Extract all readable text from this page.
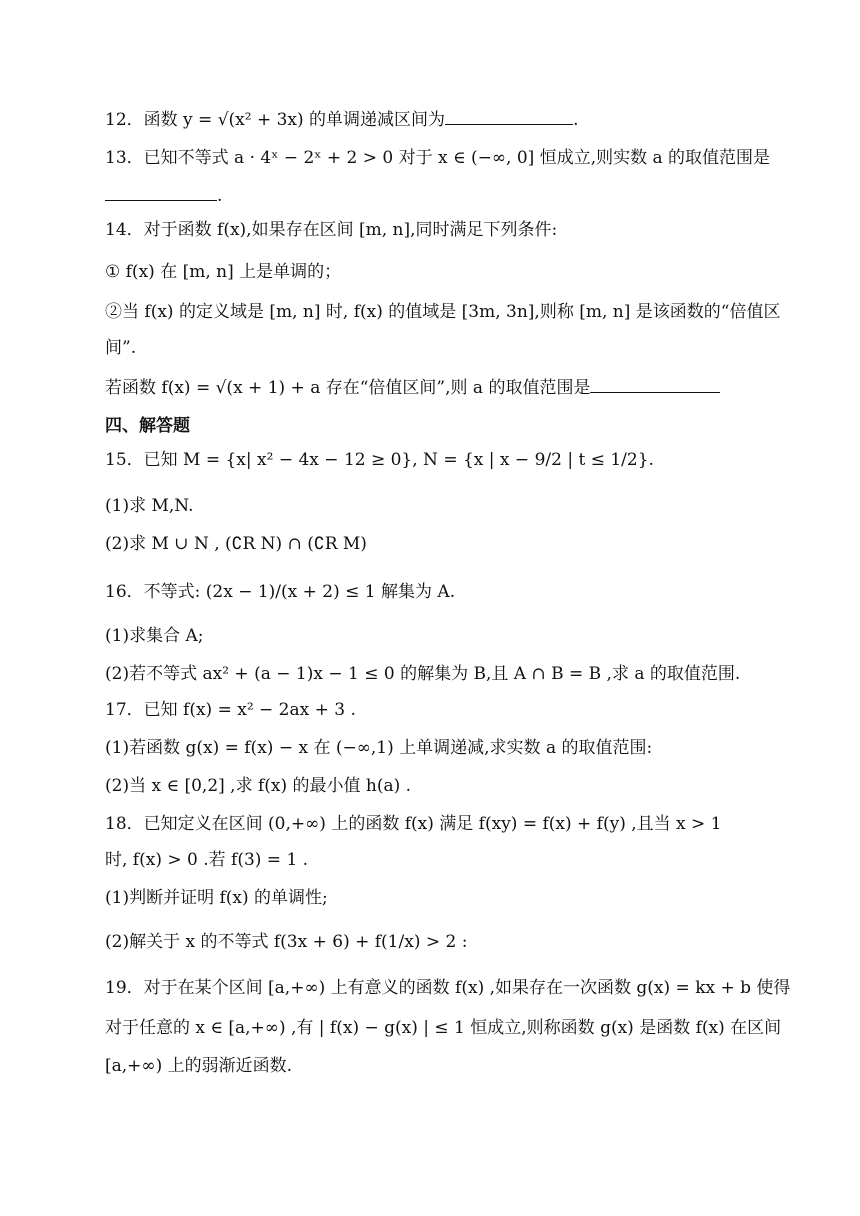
12．函数 y = √(x² + 3x) 的单调递减区间为	.
13．已知不等式 a · 4ˣ − 2ˣ + 2 > 0 对于 x ∈ (−∞, 0] 恒成立,则实数 a 的取值范围是
.
14．对于函数 f(x),如果存在区间 [m, n],同时满足下列条件:
① f(x) 在 [m, n] 上是单调的；
②当 f(x) 的定义域是 [m, n] 时, f(x) 的值域是 [3m, 3n],则称 [m, n] 是该函数的“倍值区
间”.
若函数 f(x) = √(x + 1) + a 存在“倍值区间”,则 a 的取值范围是
四、解答题
15．已知 M = {x| x² − 4x − 12 ≥ 0}, N = {x | x − 9/2 | t ≤ 1/2}.
(1)求 M,N.
(2)求 M ∪ N , (∁R N) ∩ (∁R M)
16．不等式: (2x − 1)/(x + 2) ≤ 1 解集为 A.
(1)求集合 A;
(2)若不等式 ax² + (a − 1)x − 1 ≤ 0 的解集为 B,且 A ∩ B = B ,求 a 的取值范围.
17．已知 f(x) = x² − 2ax + 3 .
(1)若函数 g(x) = f(x) − x 在 (−∞,1) 上单调递减,求实数 a 的取值范围:
(2)当 x ∈ [0,2] ,求 f(x) 的最小值 h(a) .
18．已知定义在区间 (0,+∞) 上的函数 f(x) 满足 f(xy) = f(x) + f(y) ,且当 x > 1
时, f(x) > 0 .若 f(3) = 1 .
(1)判断并证明 f(x) 的单调性;
(2)解关于 x 的不等式 f(3x + 6) + f(1/x) > 2 :
19．对于在某个区间 [a,+∞) 上有意义的函数 f(x) ,如果存在一次函数 g(x) = kx + b 使得
对于任意的 x ∈ [a,+∞) ,有 | f(x) − g(x) | ≤ 1 恒成立,则称函数 g(x) 是函数 f(x) 在区间
[a,+∞) 上的弱渐近函数.
